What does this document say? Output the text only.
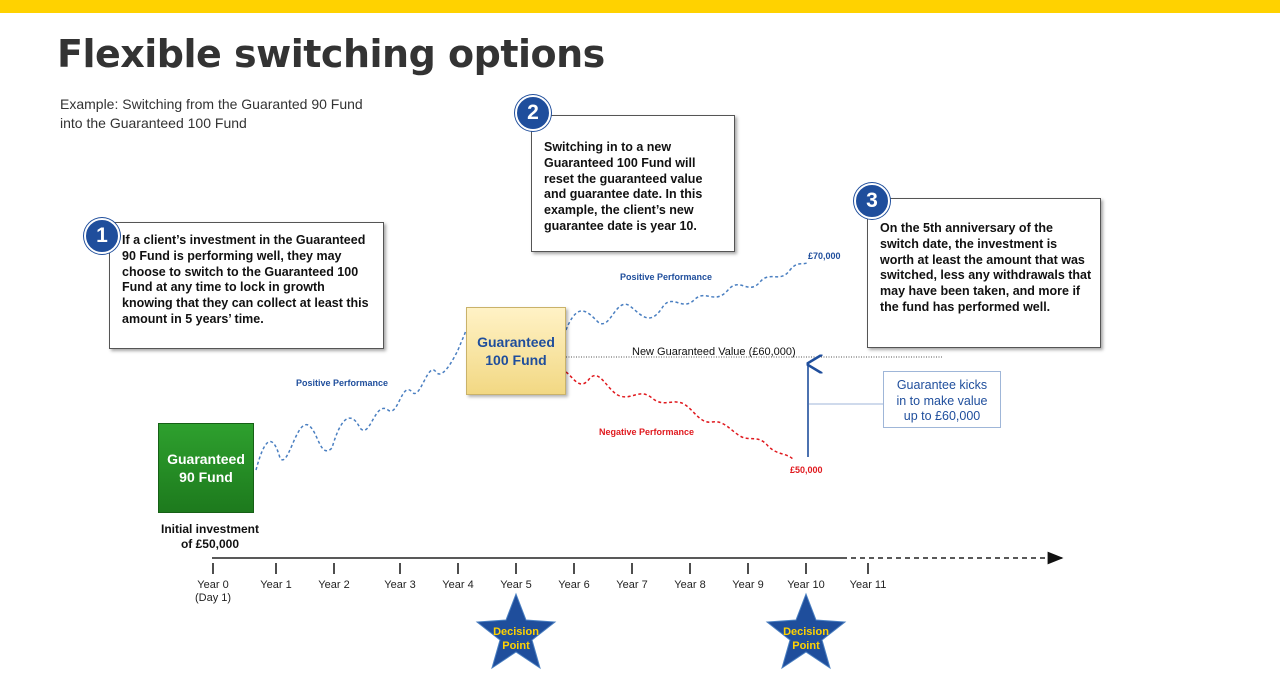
Flexible switching options
Example: Switching from the Guaranted 90 Fund
into the Guaranteed 100 Fund

If a client’s investment in the Guaranteed 90 Fund is performing well, they may choose to switch to the Guaranteed 100 Fund at any time to lock in growth knowing that they can collect at least this amount in 5 years’ time.

1

Switching in to a new Guaranteed 100 Fund will reset the guaranteed value and guarantee date. In this example, the client’s new guarantee date is year 10.

2

On the 5th anniversary of the switch date, the investment is worth at least the amount that was switched, less any withdrawals that may have been taken, and more if the fund has performed well.

3
Guaranteed
90 Fund
Guaranteed
100 Fund
Initial investment
of £50,000
Positive Performance
Positive Performance
Negative Performance
£70,000
£50,000
New Guaranteed Value (£60,000)
Guarantee kicks
in to make value
up to £60,000
Year 0
(Day 1)
Year 1	Year 2	Year 3	Year 4	Year 5	Year 6	Year 7	Year 8	Year 9	Year 10	Year 11
Decision
Point
Decision
Point
